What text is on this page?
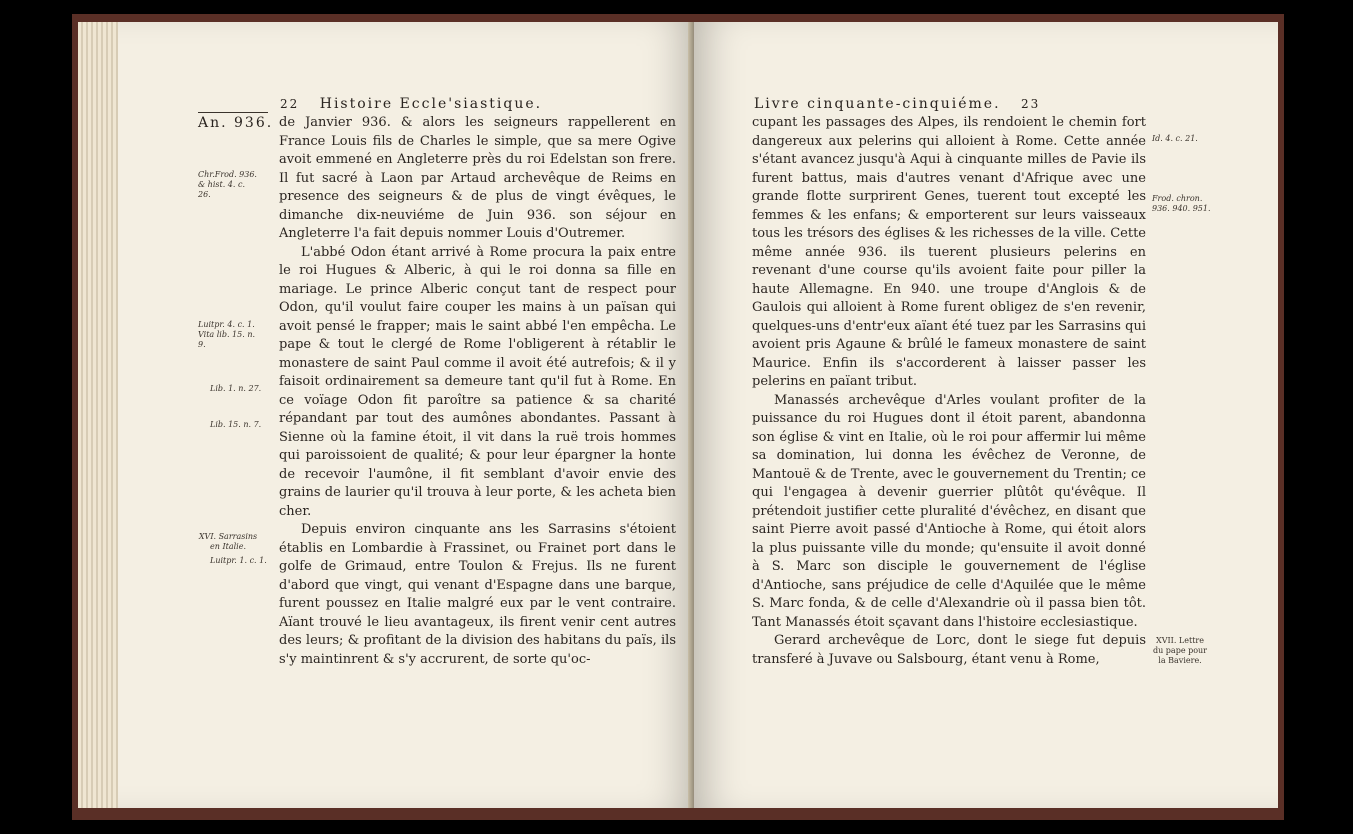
22 Histoire Eccle'siastique.
An. 936.
Chr.Frod. 936. & hist. 4. c. 26.
Luitpr. 4. c. 1. Vita lib. 15. n. 9.
Lib. 1. n. 27.
Lib. 15. n. 7.
XVI. Sarrasins en Italie.
Luitpr. 1. c. 1.

de Janvier 936. & alors les seigneurs rappellerent en France Louis fils de Charles le simple, que sa mere Ogive avoit emmené en Angleterre près du roi Edelstan son frere. Il fut sacré à Laon par Artaud archevêque de Reims en presence des seigneurs & de plus de vingt évêques, le dimanche dix-neuviéme de Juin 936. son séjour en Angleterre l'a fait depuis nommer Louis d'Outremer.

L'abbé Odon étant arrivé à Rome procura la paix entre le roi Hugues & Alberic, à qui le roi donna sa fille en mariage. Le prince Alberic conçut tant de respect pour Odon, qu'il voulut faire couper les mains à un païsan qui avoit pensé le frapper; mais le saint abbé l'en empêcha. Le pape & tout le clergé de Rome l'obligerent à rétablir le monastere de saint Paul comme il avoit été autrefois; & il y faisoit ordinairement sa demeure tant qu'il fut à Rome. En ce voïage Odon fit paroître sa patience & sa charité répandant par tout des aumônes abondantes. Passant à Sienne où la famine étoit, il vit dans la ruë trois hommes qui paroissoient de qualité; & pour leur épargner la honte de recevoir l'aumône, il fit semblant d'avoir envie des grains de laurier qu'il trouva à leur porte, & les acheta bien cher.

Depuis environ cinquante ans les Sarrasins s'étoient établis en Lombardie à Frassinet, ou Frainet port dans le golfe de Grimaud, entre Toulon & Frejus. Ils ne furent d'abord que vingt, qui venant d'Espagne dans une barque, furent poussez en Italie malgré eux par le vent contraire. Aïant trouvé le lieu avantageux, ils firent venir cent autres des leurs; & profitant de la division des habitans du païs, ils s'y maintinrent & s'y accrurent, de sorte qu'oc-

Livre cinquante-cinquiéme. 23

cupant les passages des Alpes, ils rendoient le chemin fort dangereux aux pelerins qui alloient à Rome. Cette année s'étant avancez jusqu'à Aqui à cinquante milles de Pavie ils furent battus, mais d'autres venant d'Afrique avec une grande flotte surprirent Genes, tuerent tout excepté les femmes & les enfans; & emporterent sur leurs vaisseaux tous les trésors des églises & les richesses de la ville. Cette même année 936. ils tuerent plusieurs pelerins en revenant d'une course qu'ils avoient faite pour piller la haute Allemagne. En 940. une troupe d'Anglois & de Gaulois qui alloient à Rome furent obligez de s'en revenir, quelques-uns d'entr'eux aïant été tuez par les Sarrasins qui avoient pris Agaune & brûlé le fameux monastere de saint Maurice. Enfin ils s'accorderent à laisser passer les pelerins en païant tribut.

Manassés archevêque d'Arles voulant profiter de la puissance du roi Hugues dont il étoit parent, abandonna son église & vint en Italie, où le roi pour affermir lui même sa domination, lui donna les évêchez de Veronne, de Mantouë & de Trente, avec le gouvernement du Trentin; ce qui l'engagea à devenir guerrier plûtôt qu'évêque. Il prétendoit justifier cette pluralité d'évêchez, en disant que saint Pierre avoit passé d'Antioche à Rome, qui étoit alors la plus puissante ville du monde; qu'ensuite il avoit donné à S. Marc son disciple le gouvernement de l'église d'Antioche, sans préjudice de celle d'Aquilée que le même S. Marc fonda, & de celle d'Alexandrie où il passa bien tôt. Tant Manassés étoit sçavant dans l'histoire ecclesiastique.

Gerard archevêque de Lorc, dont le siege fut depuis transferé à Juvave ou Salsbourg, étant venu à Rome,

Id. 4. c. 21.
Frod. chron. 936. 940. 951.
XVII. Lettre du pape pour la Baviere.
